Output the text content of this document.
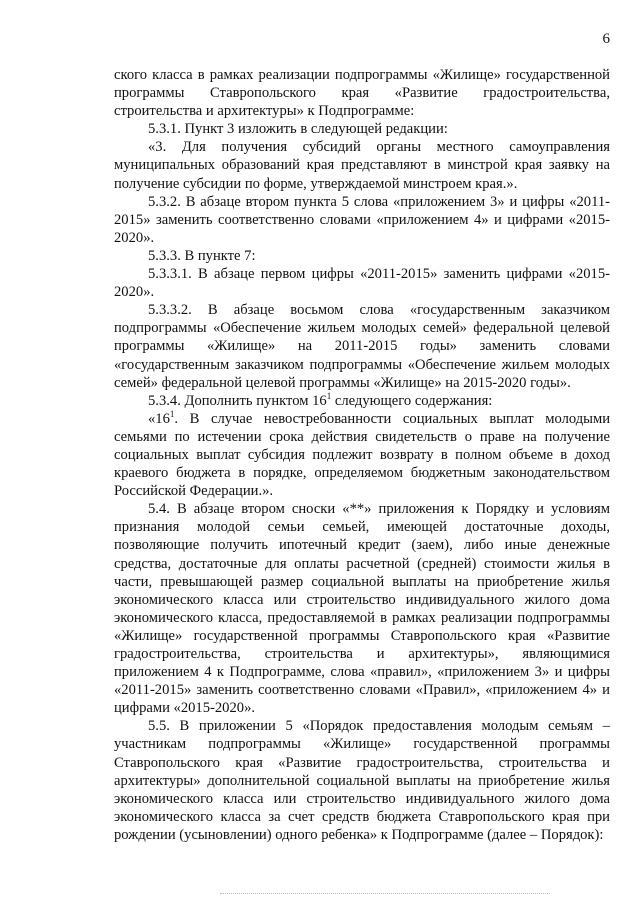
6

ского класса в рамках реализации подпрограммы «Жилище» государственной программы Ставропольского края «Развитие градостроительства, строительства и архитектуры» к Подпрограмме:

5.3.1. Пункт 3 изложить в следующей редакции:

«3. Для получения субсидий органы местного самоуправления муниципальных образований края представляют в минстрой края заявку на получение субсидии по форме, утверждаемой минстроем края.».

5.3.2. В абзаце втором пункта 5 слова «приложением 3» и цифры «2011-2015» заменить соответственно словами «приложением 4» и цифрами «2015-2020».

5.3.3. В пункте 7:

5.3.3.1. В абзаце первом цифры «2011-2015» заменить цифрами «2015-2020».

5.3.3.2. В абзаце восьмом слова «государственным заказчиком подпрограммы «Обеспечение жильем молодых семей» федеральной целевой программы «Жилище» на 2011-2015 годы» заменить словами «государственным заказчиком подпрограммы «Обеспечение жильем молодых семей» федеральной целевой программы «Жилище» на 2015-2020 годы».

5.3.4. Дополнить пунктом $16^1$ следующего содержания:

«$16^1$. В случае невостребованности социальных выплат молодыми семьями по истечении срока действия свидетельств о праве на получение социальных выплат субсидия подлежит возврату в полном объеме в доход краевого бюджета в порядке, определяемом бюджетным законодательством Российской Федерации.».

5.4. В абзаце втором сноски «**» приложения к Порядку и условиям признания молодой семьи семьей, имеющей достаточные доходы, позволяющие получить ипотечный кредит (заем), либо иные денежные средства, достаточные для оплаты расчетной (средней) стоимости жилья в части, превышающей размер социальной выплаты на приобретение жилья экономического класса или строительство индивидуального жилого дома экономического класса, предоставляемой в рамках реализации подпрограммы «Жилище» государственной программы Ставропольского края «Развитие градостроительства, строительства и архитектуры», являющимися приложением 4 к Подпрограмме, слова «правил», «приложением 3» и цифры «2011-2015» заменить соответственно словами «Правил», «приложением 4» и цифрами «2015-2020».

5.5. В приложении 5 «Порядок предоставления молодым семьям – участникам подпрограммы «Жилище» государственной программы Ставропольского края «Развитие градостроительства, строительства и архитектуры» дополнительной социальной выплаты на приобретение жилья экономического класса или строительство индивидуального жилого дома экономического класса за счет средств бюджета Ставропольского края при рождении (усыновлении) одного ребенка» к Подпрограмме (далее – Порядок):
